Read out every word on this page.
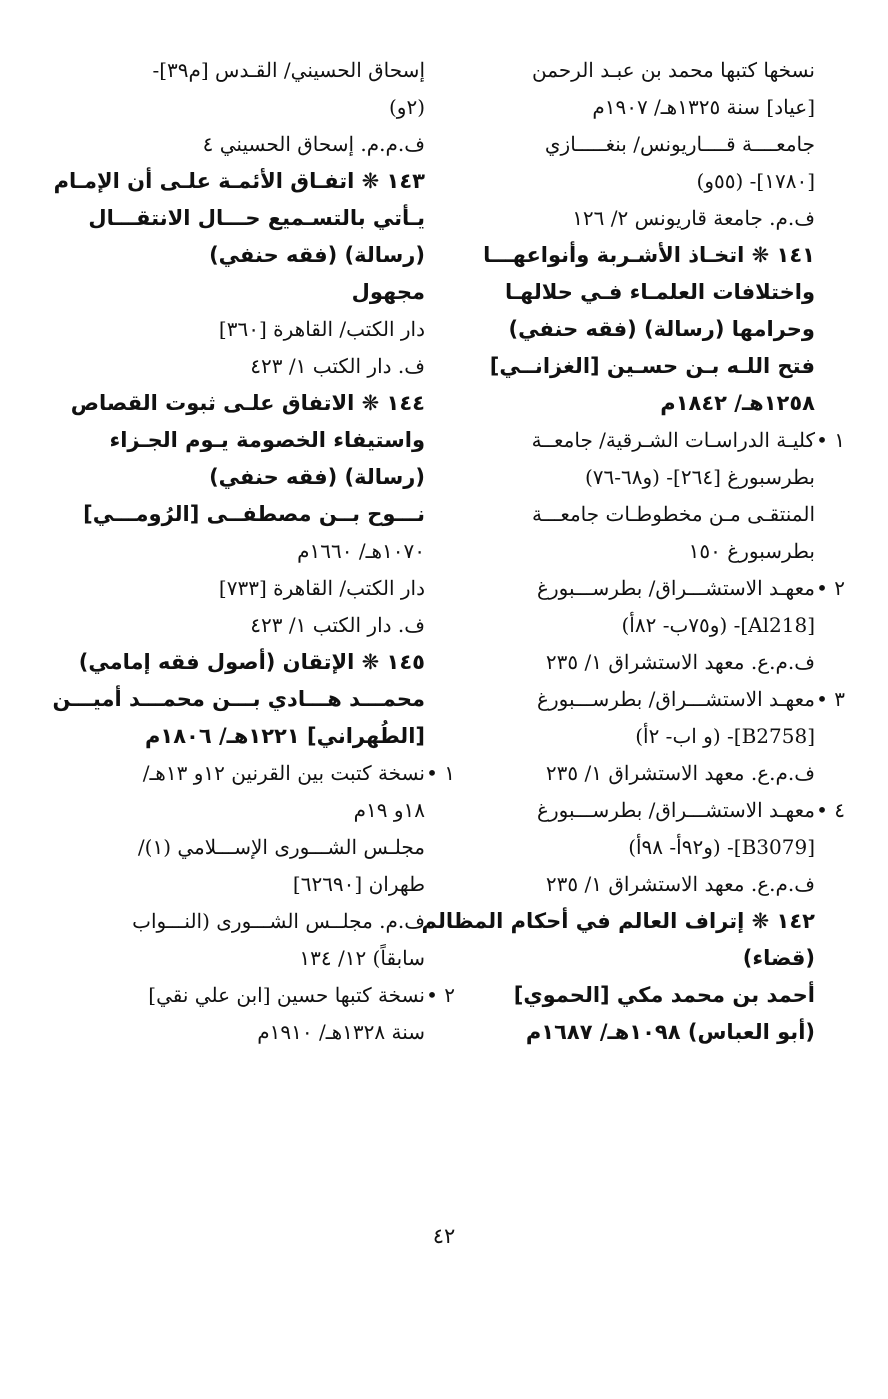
نسخها كتبها محمد بن عبـد الرحمن
[عياد] سنة ١٣٢٥هـ/ ١٩٠٧م
جامعــــة قــــاريونس/ بنغـــــازي
[١٧٨٠]- (٥٥و)
ف.م. جامعة قاريونس ٢/ ١٢٦
١٤١ ❋ اتخـاذ الأشـربة وأنواعهـــا
واختلافات العلمـاء فـي حلالهـا
وحرامها (رسالة) (فقه حنفي)
فتح اللـه بـن حسـين [الغزانــي]
١٢٥٨هـ/ ١٨٤٢م
١ •
كليـة الدراسـات الشـرقية/ جامعــة
بطرسبورغ [٢٦٤]- (و٦٨-٧٦)
المنتقـى مـن مخطوطـات جامعـــة
بطرسبورغ ١٥٠
٢ •
معهـد الاستشـــراق/ بطرســـبورغ
[Al218]- (و٧٥ب- ٨٢أ)
ف.م.ع. معهد الاستشراق ١/ ٢٣٥
٣ •
معهـد الاستشـــراق/ بطرســـبورغ
[B2758]- (و اب- ٢أ)
ف.م.ع. معهد الاستشراق ١/ ٢٣٥
٤ •
معهـد الاستشـــراق/ بطرســـبورغ
[B3079]- (و٩٢أ- ٩٨أ)
ف.م.ع. معهد الاستشراق ١/ ٢٣٥
١٤٢ ❋ إتراف العالم في أحكام المظالم
(قضاء)
أحمد بن محمد مكي [الحموي]
(أبو العباس) ١٠٩٨هـ/ ١٦٨٧م
إسحاق الحسيني/ القـدس [م٣٩]-
(٢و)
ف.م.م. إسحاق الحسيني ٤
١٤٣ ❋ اتفـاق الأئمـة علـى أن الإمـام
يـأتي بالتسـميع حـــال الانتقـــال
(رسالة) (فقه حنفي)
مجهول
دار الكتب/ القاهرة [٣٦٠]
ف. دار الكتب ١/ ٤٢٣
١٤٤ ❋ الاتفاق علـى ثبوت القصاص
واستيفاء الخصومة يـوم الجـزاء
(رسالة) (فقه حنفي)
نـــوح بــن مصطفــى [الرُومـــي]
١٠٧٠هـ/ ١٦٦٠م
دار الكتب/ القاهرة [٧٣٣]
ف. دار الكتب ١/ ٤٢٣
١٤٥ ❋ الإتقان (أصول فقه إمامي)
محمـــد هـــادي بـــن محمـــد أميـــن
[الطُهراني] ١٢٢١هـ/ ١٨٠٦م
١ •
نسخة كتبت بين القرنين ١٢و ١٣هـ/
١٨و ١٩م
مجلـس الشـــورى الإســـلامي (١)/
طهران [٦٢٦٩٠]
ف.م. مجلــس الشـــورى (النـــواب
سابقاً) ١٢/ ١٣٤
٢ •
نسخة كتبها حسين [ابن علي نقي]
سنة ١٣٢٨هـ/ ١٩١٠م
٤٢
